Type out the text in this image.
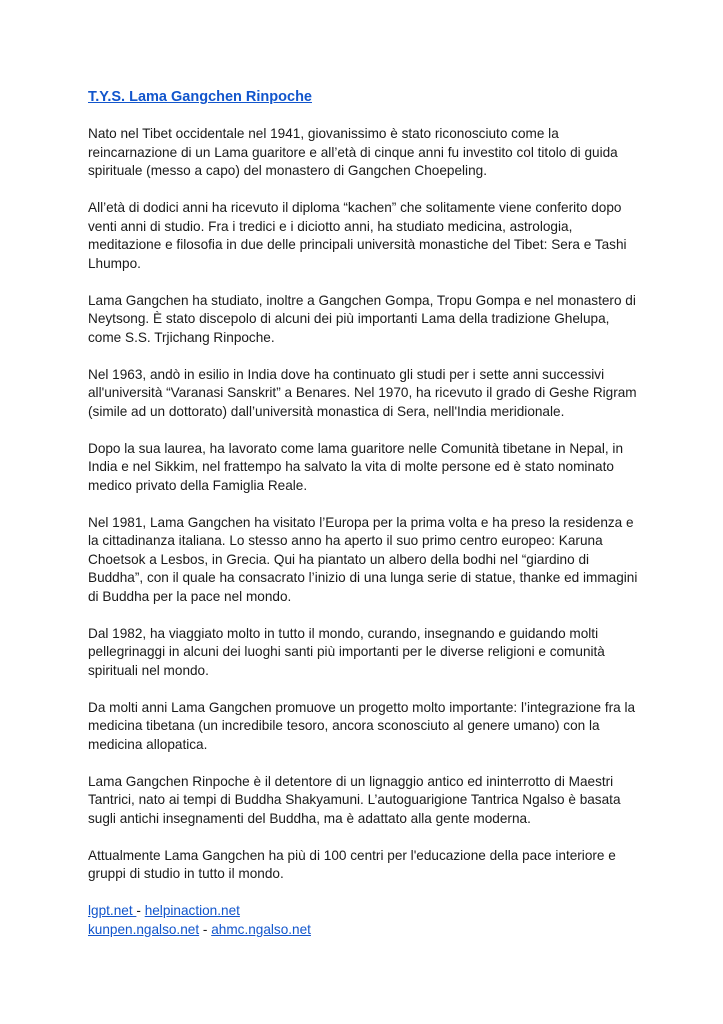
T.Y.S. Lama Gangchen Rinpoche
Nato nel Tibet occidentale nel 1941, giovanissimo è stato riconosciuto come la
reincarnazione di un Lama guaritore e all’età di cinque anni fu investito col titolo di guida
spirituale (messo a capo) del monastero di Gangchen Choepeling.
All’età di dodici anni ha ricevuto il diploma “kachen” che solitamente viene conferito dopo
venti anni di studio. Fra i tredici e i diciotto anni, ha studiato medicina, astrologia,
meditazione e filosofia in due delle principali università monastiche del Tibet: Sera e Tashi
Lhumpo.
Lama Gangchen ha studiato, inoltre a Gangchen Gompa, Tropu Gompa e nel monastero di
Neytsong. È stato discepolo di alcuni dei più importanti Lama della tradizione Ghelupa,
come S.S. Trjichang Rinpoche.
Nel 1963, andò in esilio in India dove ha continuato gli studi per i sette anni successivi
all'università “Varanasi Sanskrit” a Benares. Nel 1970, ha ricevuto il grado di Geshe Rigram
(simile ad un dottorato) dall’università monastica di Sera, nell'India meridionale.
Dopo la sua laurea, ha lavorato come lama guaritore nelle Comunità tibetane in Nepal, in
India e nel Sikkim, nel frattempo ha salvato la vita di molte persone ed è stato nominato
medico privato della Famiglia Reale.
Nel 1981, Lama Gangchen ha visitato l’Europa per la prima volta e ha preso la residenza e
la cittadinanza italiana. Lo stesso anno ha aperto il suo primo centro europeo: Karuna
Choetsok a Lesbos, in Grecia. Qui ha piantato un albero della bodhi nel “giardino di
Buddha”, con il quale ha consacrato l’inizio di una lunga serie di statue, thanke ed immagini
di Buddha per la pace nel mondo.
Dal 1982, ha viaggiato molto in tutto il mondo, curando, insegnando e guidando molti
pellegrinaggi in alcuni dei luoghi santi più importanti per le diverse religioni e comunità
spirituali nel mondo.
Da molti anni Lama Gangchen promuove un progetto molto importante: l’integrazione fra la
medicina tibetana (un incredibile tesoro, ancora sconosciuto al genere umano) con la
medicina allopatica.
Lama Gangchen Rinpoche è il detentore di un lignaggio antico ed ininterrotto di Maestri
Tantrici, nato ai tempi di Buddha Shakyamuni. L’autoguarigione Tantrica Ngalso è basata
sugli antichi insegnamenti del Buddha, ma è adattato alla gente moderna.
Attualmente Lama Gangchen ha più di 100 centri per l'educazione della pace interiore e
gruppi di studio in tutto il mondo.
lgpt.net - helpinaction.net
kunpen.ngalso.net - ahmc.ngalso.net
